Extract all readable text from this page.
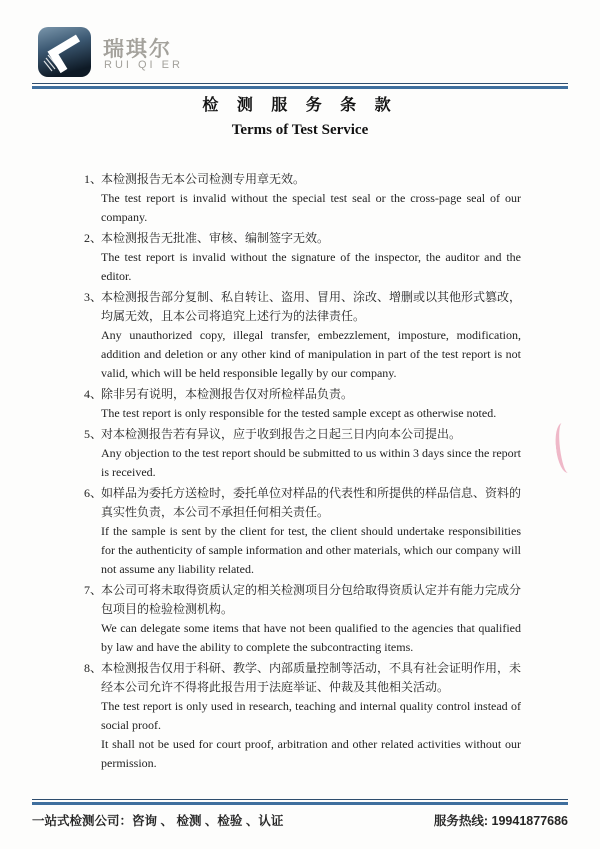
瑞琪尔
RUI QI ER
检 测 服 务 条 款
Terms of Test Service
1、
本检测报告无本公司检测专用章无效。
The test report is invalid without the special test seal or the cross-page seal of our company.
2、
本检测报告无批准、审核、编制签字无效。
The test report is invalid without the signature of the inspector, the auditor and the editor.
3、
本检测报告部分复制、私自转让、盗用、冒用、涂改、增删或以其他形式篡改，均属无效，且本公司将追究上述行为的法律责任。
Any unauthorized copy, illegal transfer, embezzlement, imposture, modification, addition and deletion or any other kind of manipulation in part of the test report is not valid, which will be held responsible legally by our company.
4、
除非另有说明，本检测报告仅对所检样品负责。
The test report is only responsible for the tested sample except as otherwise noted.
5、
对本检测报告若有异议，应于收到报告之日起三日内向本公司提出。
Any objection to the test report should be submitted to us within 3 days since the report is received.
6、
如样品为委托方送检时，委托单位对样品的代表性和所提供的样品信息、资料的真实性负责，本公司不承担任何相关责任。
If the sample is sent by the client for test, the client should undertake responsibilities for the authenticity of sample information and other materials, which our company will not assume any liability related.
7、
本公司可将未取得资质认定的相关检测项目分包给取得资质认定并有能力完成分包项目的检验检测机构。
We can delegate some items that have not been qualified to the agencies that qualified by law and have the ability to complete the subcontracting items.
8、
本检测报告仅用于科研、教学、内部质量控制等活动，不具有社会证明作用，未经本公司允许不得将此报告用于法庭举证、仲裁及其他相关活动。
The test report is only used in research, teaching and internal quality control instead of social proof.
It shall not be used for court proof, arbitration and other related activities without our permission.
一站式检测公司：咨询 、 检测 、检验 、认证	服务热线: 19941877686
